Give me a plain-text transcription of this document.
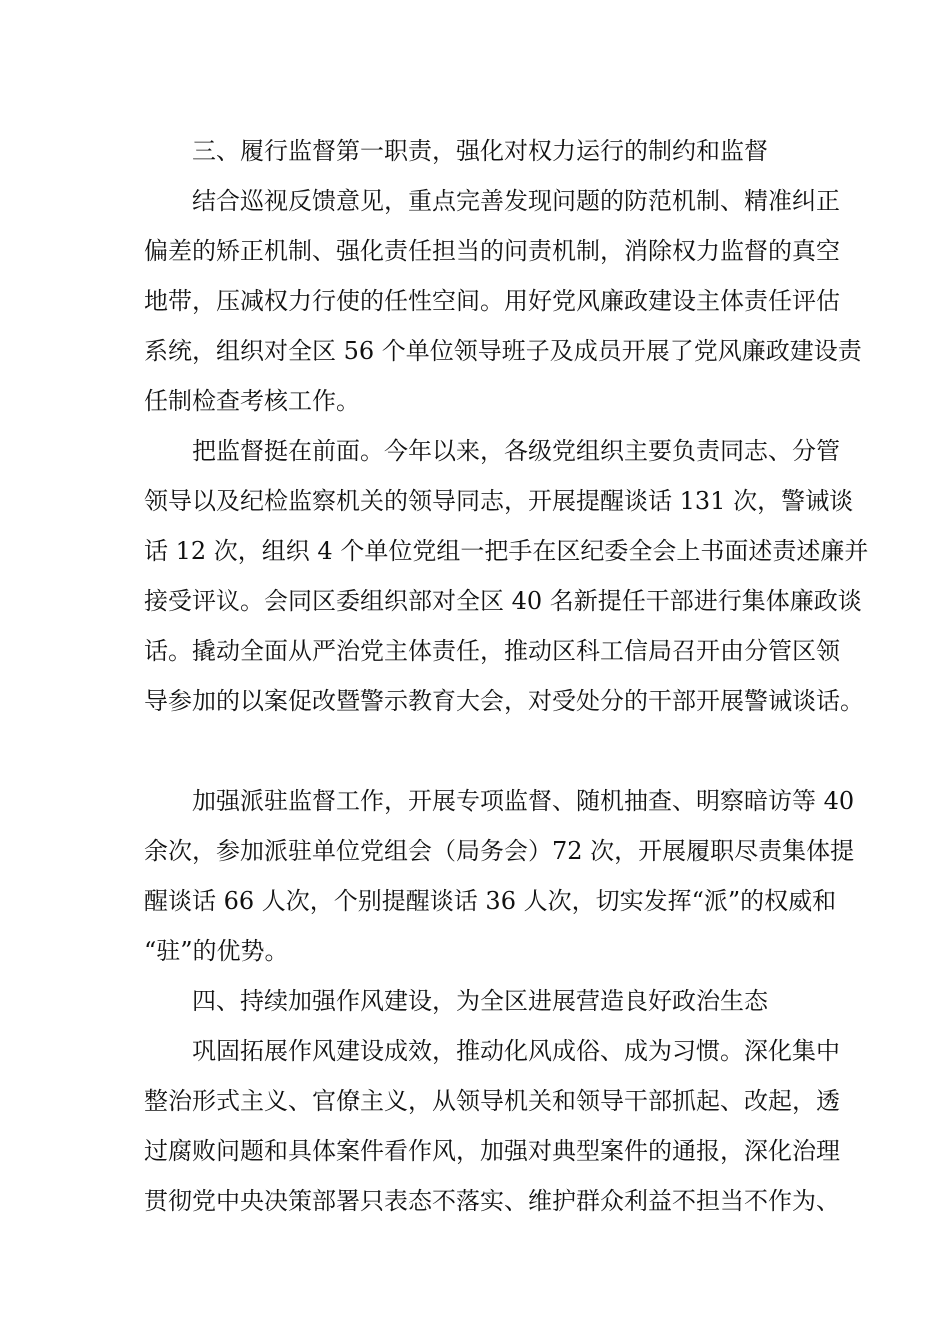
三、履行监督第一职责，强化对权力运行的制约和监督
结合巡视反馈意见，重点完善发现问题的防范机制、精准纠正
偏差的矫正机制、强化责任担当的问责机制，消除权力监督的真空
地带，压减权力行使的任性空间。用好党风廉政建设主体责任评估
系统，组织对全区 56 个单位领导班子及成员开展了党风廉政建设责
任制检查考核工作。
把监督挺在前面。今年以来，各级党组织主要负责同志、分管
领导以及纪检监察机关的领导同志，开展提醒谈话 131 次，警诫谈
话 12 次，组织 4 个单位党组一把手在区纪委全会上书面述责述廉并
接受评议。会同区委组织部对全区 40 名新提任干部进行集体廉政谈
话。撬动全面从严治党主体责任，推动区科工信局召开由分管区领
导参加的以案促改暨警示教育大会，对受处分的干部开展警诫谈话。
加强派驻监督工作，开展专项监督、随机抽查、明察暗访等 40
余次，参加派驻单位党组会（局务会）72 次，开展履职尽责集体提
醒谈话 66 人次，个别提醒谈话 36 人次，切实发挥“派”的权威和
“驻”的优势。
四、持续加强作风建设，为全区进展营造良好政治生态
巩固拓展作风建设成效，推动化风成俗、成为习惯。深化集中
整治形式主义、官僚主义，从领导机关和领导干部抓起、改起，透
过腐败问题和具体案件看作风，加强对典型案件的通报，深化治理
贯彻党中央决策部署只表态不落实、维护群众利益不担当不作为、
